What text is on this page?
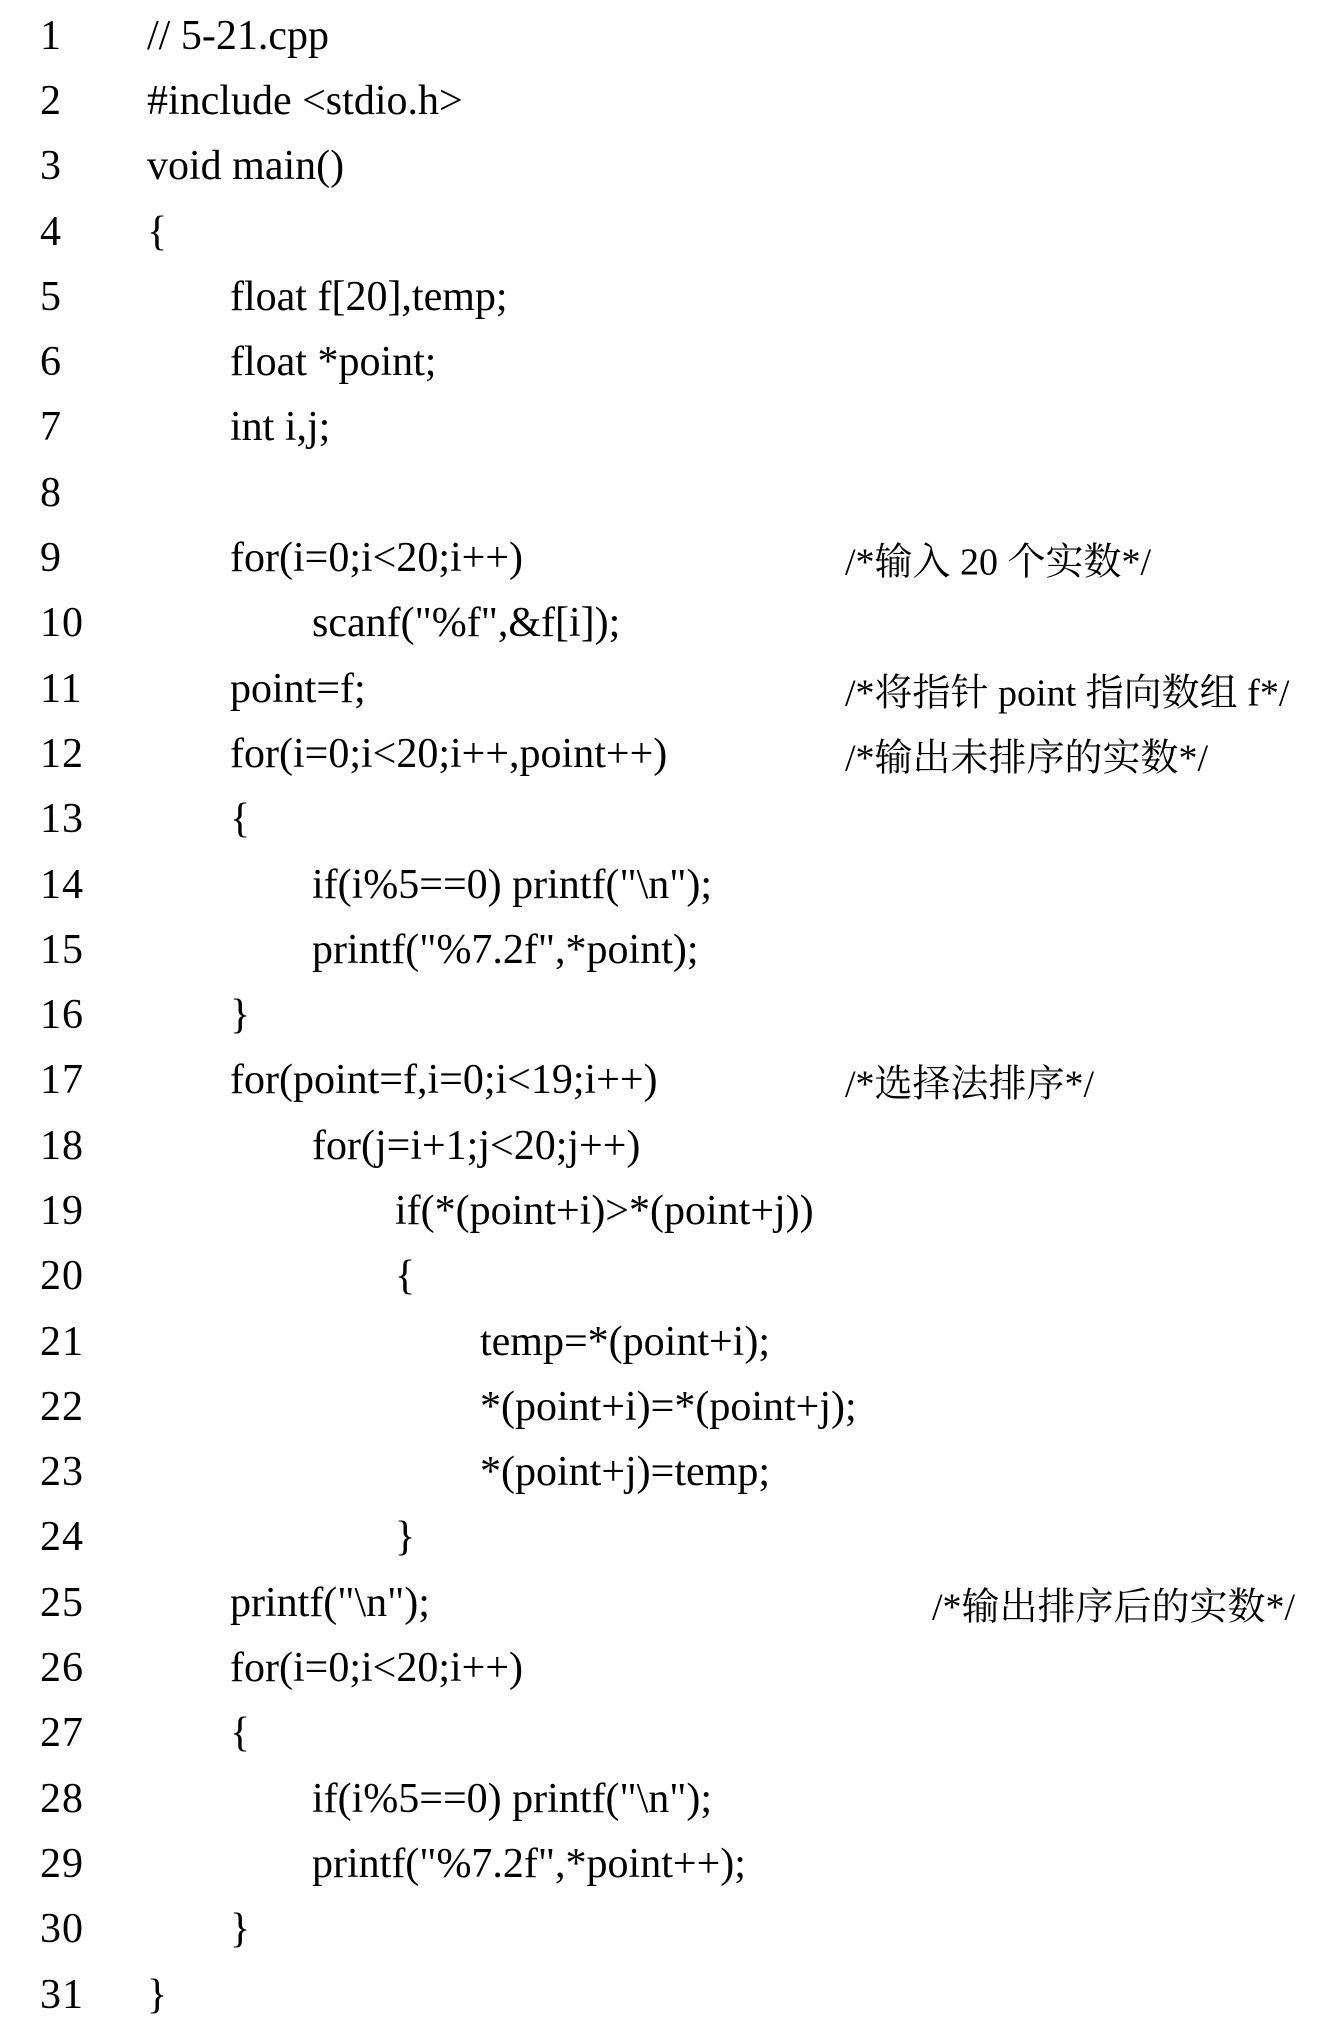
1 // 5-21.cpp
2 #include <stdio.h>
3 void main()
4 {
5	float f[20],temp;
6	float *point;
7	int i,j;
8
9	for(i=0;i<20;i++)	/*输入 20 个实数*/
10	scanf("%f",&f[i]);
11	point=f;	/*将指针 point 指向数组 f*/
12	for(i=0;i<20;i++,point++)	/*输出未排序的实数*/
13	{
14	if(i%5==0) printf("\n");
15	printf("%7.2f",*point);
16	}
17	for(point=f,i=0;i<19;i++)	/*选择法排序*/
18	for(j=i+1;j<20;j++)
19	if(*(point+i)>*(point+j))
20	{
21	temp=*(point+i);
22	*(point+i)=*(point+j);
23	*(point+j)=temp;
24	}
25	printf("\n");	/*输出排序后的实数*/
26	for(i=0;i<20;i++)
27	{
28	if(i%5==0) printf("\n");
29	printf("%7.2f",*point++);
30	}
31 }
